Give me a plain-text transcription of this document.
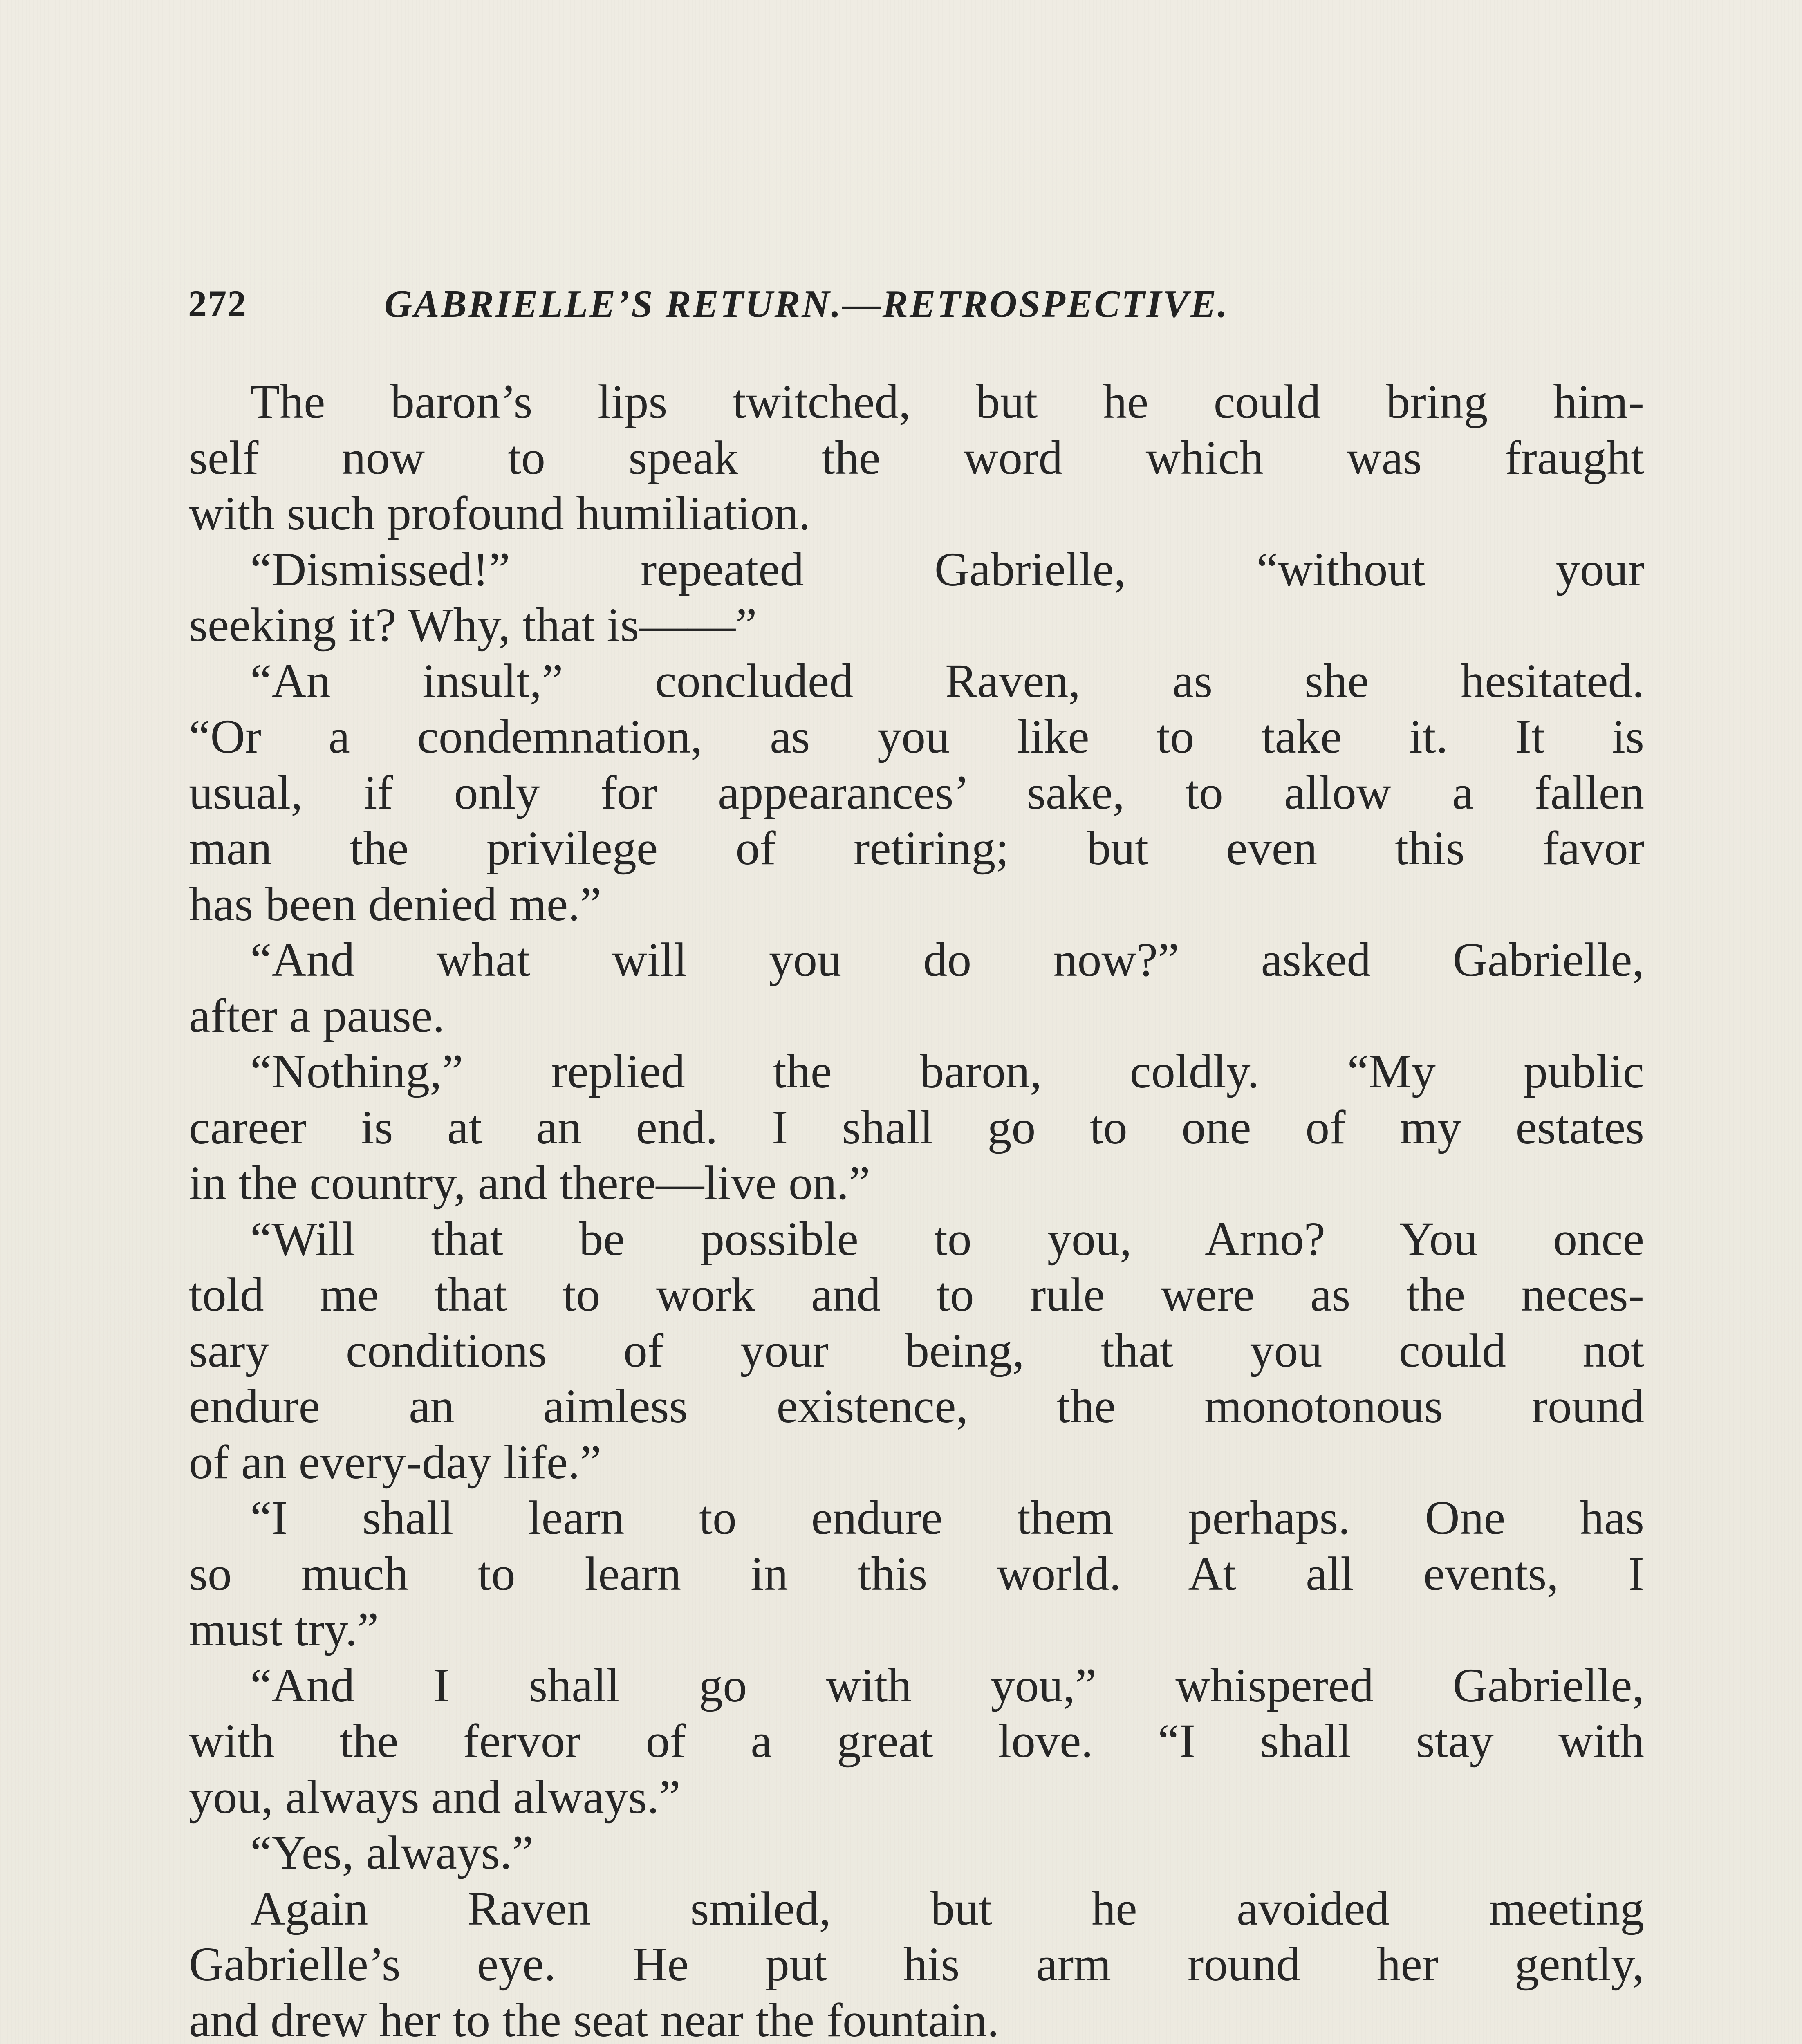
272	GABRIELLE’S RETURN.—RETROSPECTIVE.
The baron’s lips twitched, but he could bring him-
self now to speak the word which was fraught
with such profound humiliation.
“Dismissed!” repeated Gabrielle, “without your
seeking it? Why, that is——”
“An insult,” concluded Raven, as she hesitated.
“Or a condemnation, as you like to take it. It is
usual, if only for appearances’ sake, to allow a fallen
man the privilege of retiring; but even this favor
has been denied me.”
“And what will you do now?” asked Gabrielle,
after a pause.
“Nothing,” replied the baron, coldly. “My public
career is at an end. I shall go to one of my estates
in the country, and there—live on.”
“Will that be possible to you, Arno? You once
told me that to work and to rule were as the neces-
sary conditions of your being, that you could not
endure an aimless existence, the monotonous round
of an every-day life.”
“I shall learn to endure them perhaps. One has
so much to learn in this world. At all events, I
must try.”
“And I shall go with you,” whispered Gabrielle,
with the fervor of a great love. “I shall stay with
you, always and always.”
“Yes, always.”
Again Raven smiled, but he avoided meeting
Gabrielle’s eye. He put his arm round her gently,
and drew her to the seat near the fountain.
